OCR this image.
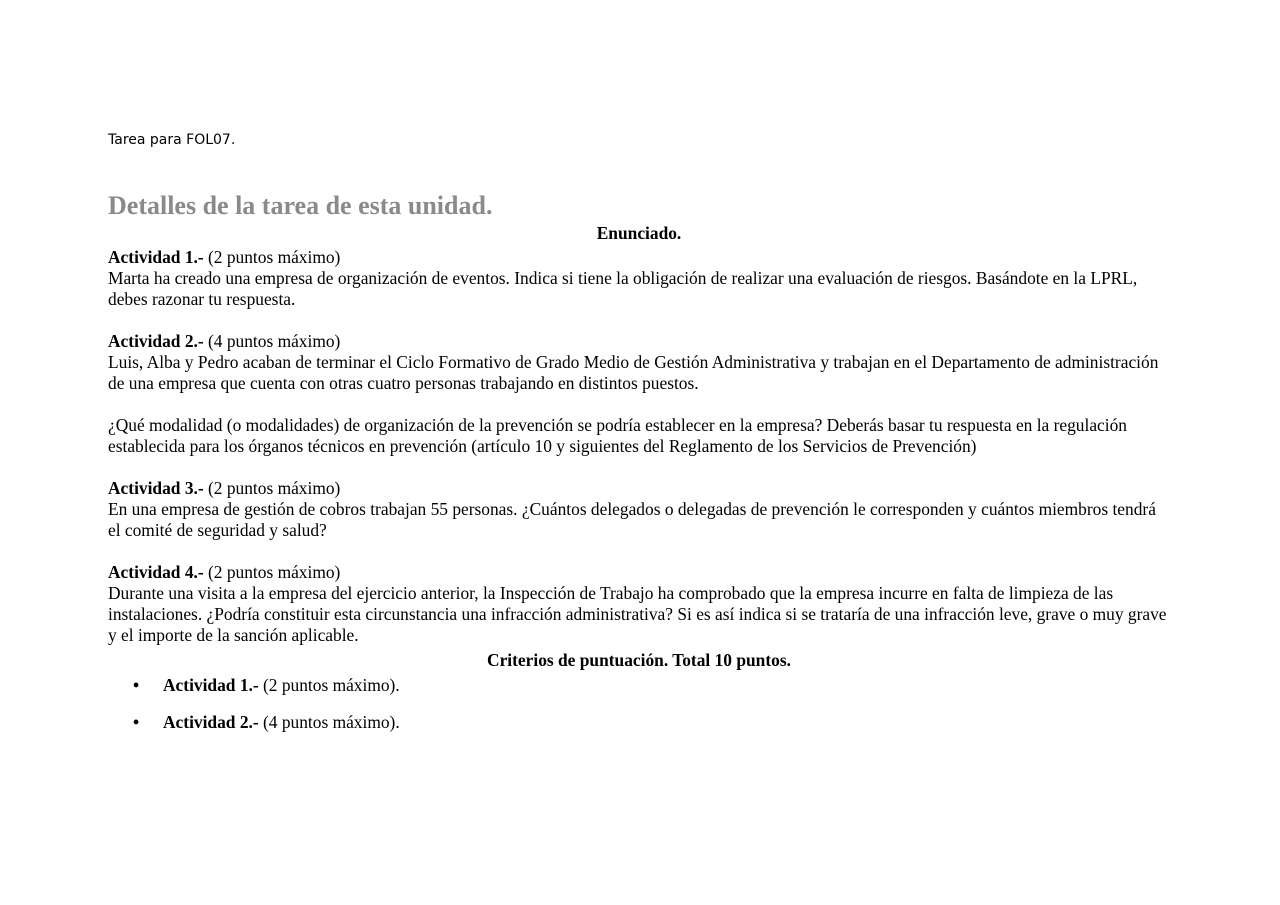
Tarea para FOL07.
Detalles de la tarea de esta unidad.

Enunciado.

Actividad 1.- (2 puntos máximo)

Marta ha creado una empresa de organización de eventos. Indica si tiene la obligación de realizar una evaluación de riesgos. Basándote en la LPRL, debes razonar tu respuesta.

Actividad 2.- (4 puntos máximo)

Luis, Alba y Pedro acaban de terminar el Ciclo Formativo de Grado Medio de Gestión Administrativa y trabajan en el Departamento de administración de una empresa que cuenta con otras cuatro personas trabajando en distintos puestos.

¿Qué modalidad (o modalidades) de organización de la prevención se podría establecer en la empresa? Deberás basar tu respuesta en la regulación establecida para los órganos técnicos en prevención (artículo 10 y siguientes del Reglamento de los Servicios de Prevención)

Actividad 3.- (2 puntos máximo)

En una empresa de gestión de cobros trabajan 55 personas. ¿Cuántos delegados o delegadas de prevención le corresponden y cuántos miembros tendrá el comité de seguridad y salud?

Actividad 4.- (2 puntos máximo)

Durante una visita a la empresa del ejercicio anterior, la Inspección de Trabajo ha comprobado que la empresa incurre en falta de limpieza de las instalaciones. ¿Podría constituir esta circunstancia una infracción administrativa? Si es así indica si se trataría de una infracción leve, grave o muy grave y el importe de la sanción aplicable.

Criterios de puntuación. Total 10 puntos.

• Actividad 1.- (2 puntos máximo).
• Actividad 2.- (4 puntos máximo).
